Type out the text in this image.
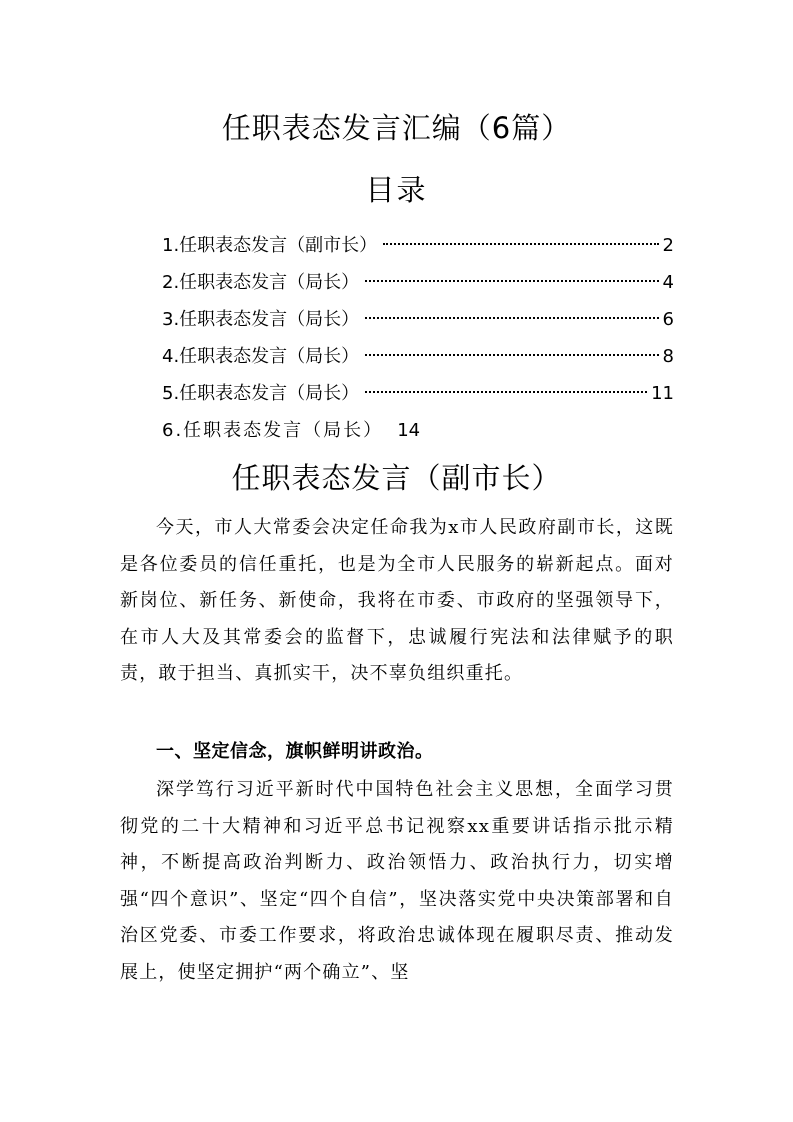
任职表态发言汇编（6篇）
目录
1.任职表态发言（副市长）	2
2.任职表态发言（局长）	4
3.任职表态发言（局长）	6
4.任职表态发言（局长）	8
5.任职表态发言（局长）	11
6.任职表态发言（局长） 14
任职表态发言（副市长）

今天，市人大常委会决定任命我为x市人民政府副市长，这既是各位委员的信任重托，也是为全市人民服务的崭新起点。面对新岗位、新任务、新使命，我将在市委、市政府的坚强领导下，在市人大及其常委会的监督下，忠诚履行宪法和法律赋予的职责，敢于担当、真抓实干，决不辜负组织重托。

一、坚定信念，旗帜鲜明讲政治。

深学笃行习近平新时代中国特色社会主义思想，全面学习贯彻党的二十大精神和习近平总书记视察xx重要讲话指示批示精神，不断提高政治判断力、政治领悟力、政治执行力，切实增强“四个意识”、坚定“四个自信”，坚决落实党中央决策部署和自治区党委、市委工作要求，将政治忠诚体现在履职尽责、推动发展上，使坚定拥护“两个确立”、坚
